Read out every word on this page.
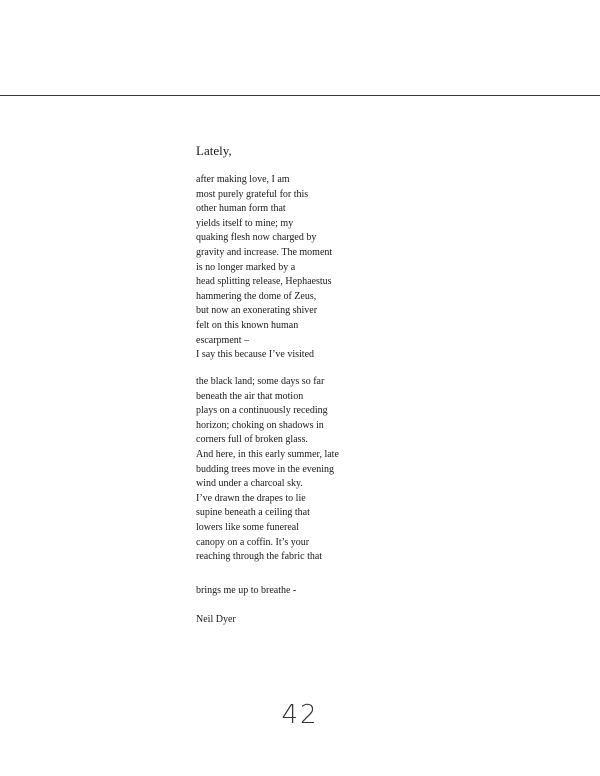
Lately,
after making love, I am
most purely grateful for this
other human form that
yields itself to mine; my
quaking flesh now charged by
gravity and increase. The moment
is no longer marked by a
head splitting release, Hephaestus
hammering the dome of Zeus,
but now an exonerating shiver
felt on this known human
escarpment –
I say this because I’ve visited
the black land; some days so far
beneath the air that motion
plays on a continuously receding
horizon; choking on shadows in
corners full of broken glass.
And here, in this early summer, late
budding trees move in the evening
wind under a charcoal sky.
I’ve drawn the drapes to lie
supine beneath a ceiling that
lowers like some funereal
canopy on a coffin. It’s your
reaching through the fabric that
brings me up to breathe -
Neil Dyer
42
